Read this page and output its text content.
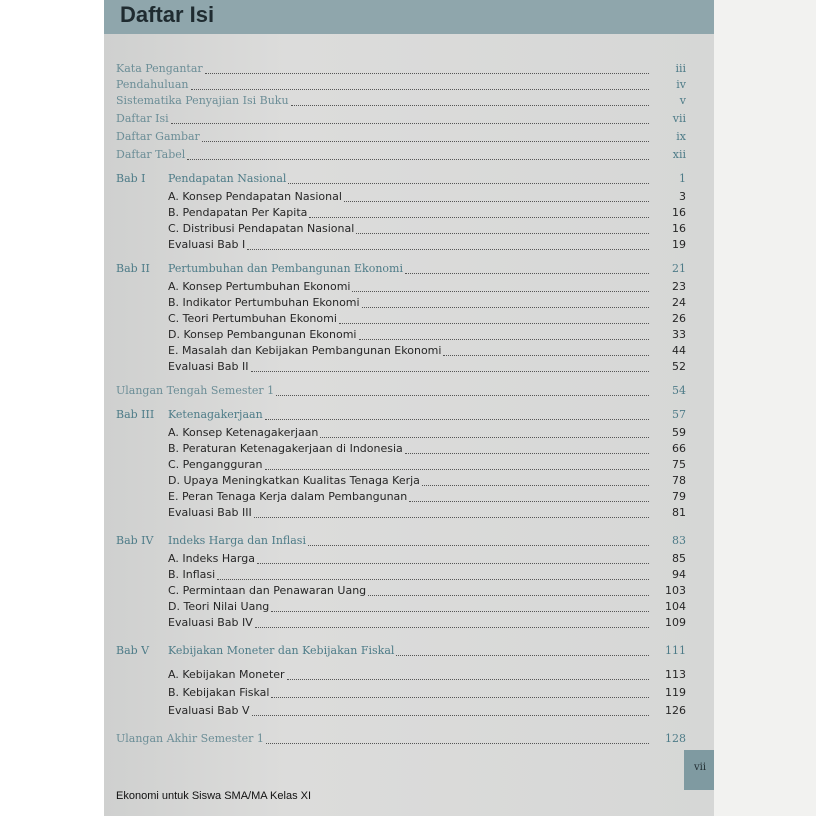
Daftar Isi
Kata Pengantar	iii
Pendahuluan	iv
Sistematika Penyajian Isi Buku	v
Daftar Isi	vii
Daftar Gambar	ix
Daftar Tabel	xii
Bab I	Pendapatan Nasional	1
A. Konsep Pendapatan Nasional	3
B. Pendapatan Per Kapita	16
C. Distribusi Pendapatan Nasional	16
Evaluasi Bab I	19
Bab II	Pertumbuhan dan Pembangunan Ekonomi	21
A. Konsep Pertumbuhan Ekonomi	23
B. Indikator Pertumbuhan Ekonomi	24
C. Teori Pertumbuhan Ekonomi	26
D. Konsep Pembangunan Ekonomi	33
E. Masalah dan Kebijakan Pembangunan Ekonomi	44
Evaluasi Bab II	52
Ulangan Tengah Semester 1	54
Bab III	Ketenagakerjaan	57
A. Konsep Ketenagakerjaan	59
B. Peraturan Ketenagakerjaan di Indonesia	66
C. Pengangguran	75
D. Upaya Meningkatkan Kualitas Tenaga Kerja	78
E. Peran Tenaga Kerja dalam Pembangunan	79
Evaluasi Bab III	81
Bab IV	Indeks Harga dan Inflasi	83
A. Indeks Harga	85
B. Inflasi	94
C. Permintaan dan Penawaran Uang	103
D. Teori Nilai Uang	104
Evaluasi Bab IV	109
Bab V	Kebijakan Moneter dan Kebijakan Fiskal	111
A. Kebijakan Moneter	113
B. Kebijakan Fiskal	119
Evaluasi Bab V	126
Ulangan Akhir Semester 1	128
vii
Ekonomi untuk Siswa SMA/MA Kelas XI
